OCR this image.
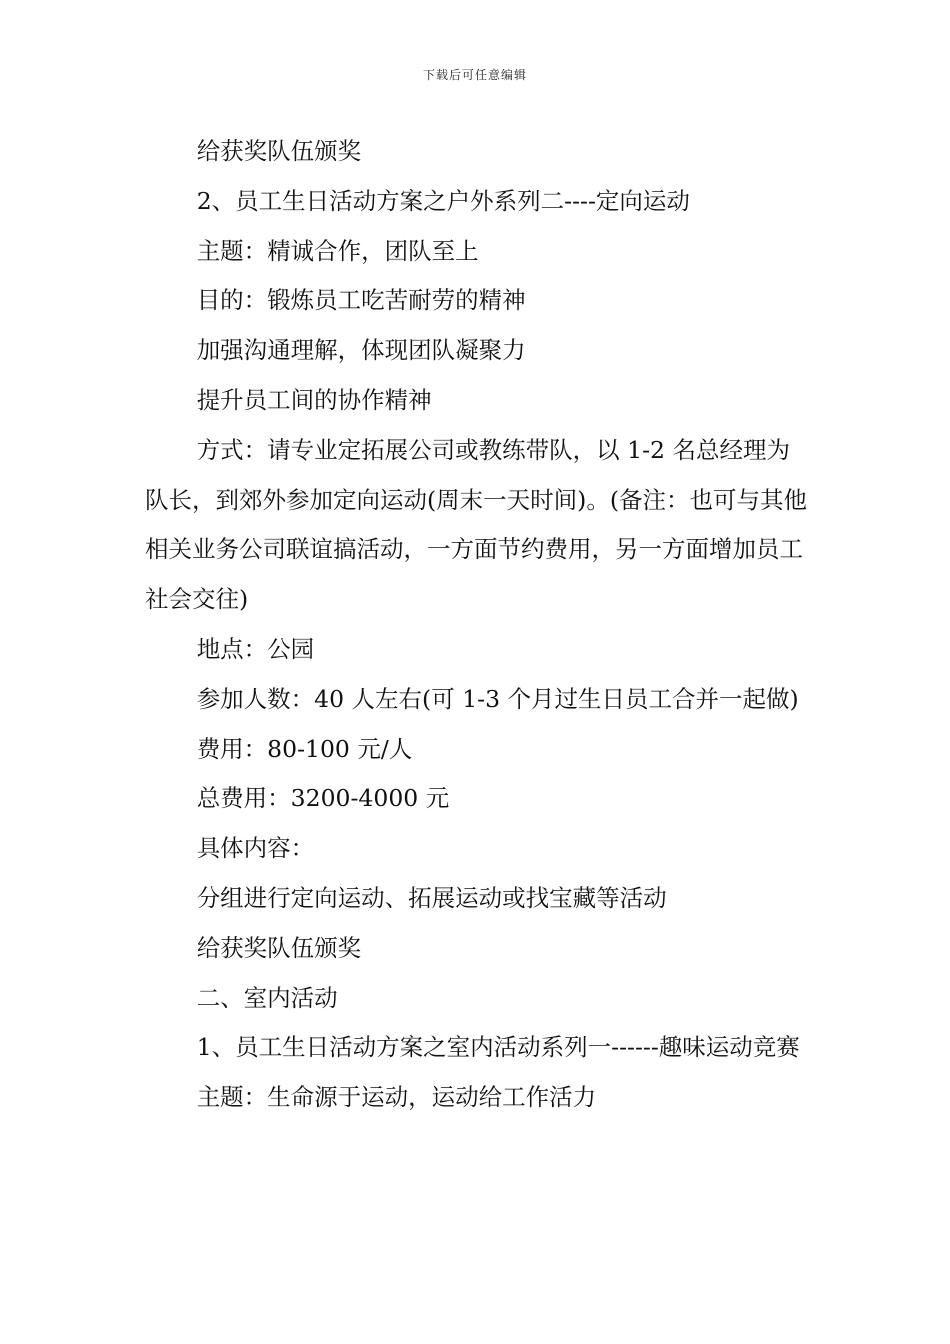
下载后可任意编辑

给获奖队伍颁奖

2、员工生日活动方案之户外系列二----定向运动

主题：精诚合作，团队至上

目的：锻炼员工吃苦耐劳的精神

加强沟通理解，体现团队凝聚力

提升员工间的协作精神

方式：请专业定拓展公司或教练带队，以 1-2 名总经理为队长，到郊外参加定向运动(周末一天时间)。(备注：也可与其他相关业务公司联谊搞活动，一方面节约费用，另一方面增加员工社会交往)

地点：公园

参加人数：40 人左右(可 1-3 个月过生日员工合并一起做)

费用：80-100 元/人

总费用：3200-4000 元

具体内容：

分组进行定向运动、拓展运动或找宝藏等活动

给获奖队伍颁奖

二、室内活动

1、员工生日活动方案之室内活动系列一------趣味运动竞赛

主题：生命源于运动，运动给工作活力
